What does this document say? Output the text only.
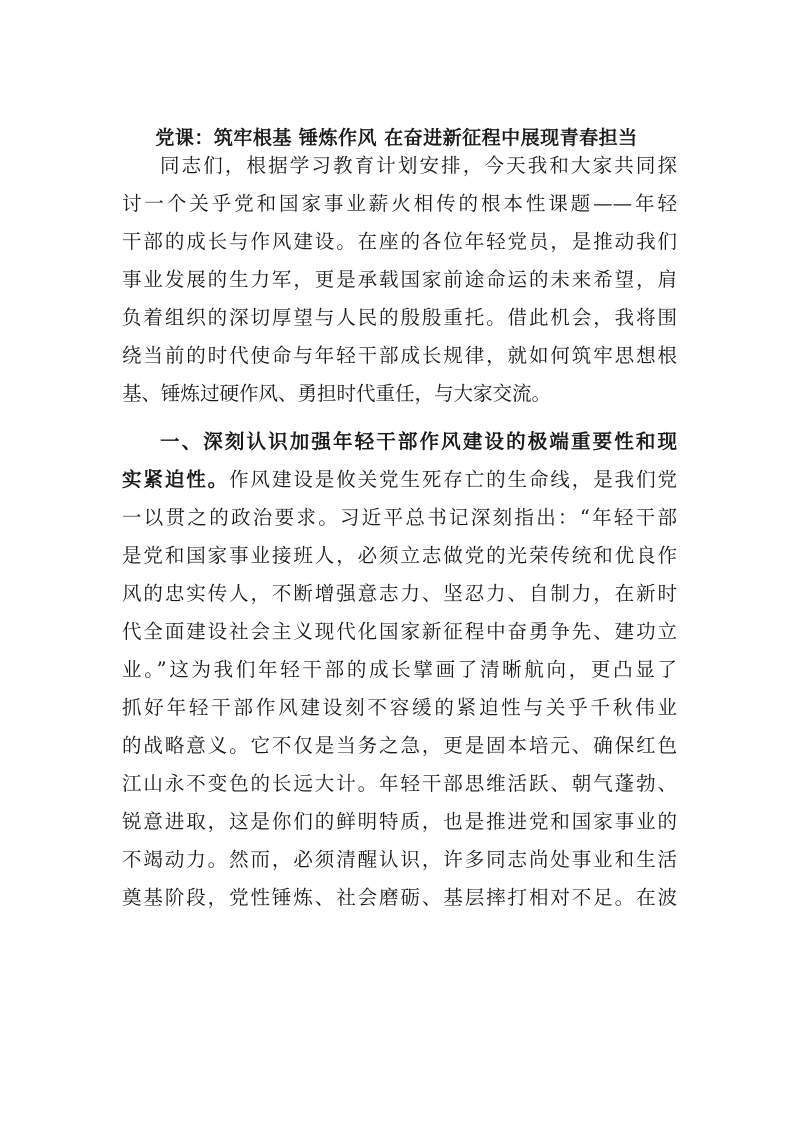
党课：筑牢根基 锤炼作风 在奋进新征程中展现青春担当
同志们，根据学习教育计划安排，今天我和大家共同探
讨一个关乎党和国家事业薪火相传的根本性课题——年轻
干部的成长与作风建设。在座的各位年轻党员，是推动我们
事业发展的生力军，更是承载国家前途命运的未来希望，肩
负着组织的深切厚望与人民的殷殷重托。借此机会，我将围
绕当前的时代使命与年轻干部成长规律，就如何筑牢思想根
基、锤炼过硬作风、勇担时代重任，与大家交流。
一、深刻认识加强年轻干部作风建设的极端重要性和现
实紧迫性。作风建设是攸关党生死存亡的生命线，是我们党
一以贯之的政治要求。习近平总书记深刻指出：“年轻干部
是党和国家事业接班人，必须立志做党的光荣传统和优良作
风的忠实传人，不断增强意志力、坚忍力、自制力，在新时
代全面建设社会主义现代化国家新征程中奋勇争先、建功立
业。”这为我们年轻干部的成长擘画了清晰航向，更凸显了
抓好年轻干部作风建设刻不容缓的紧迫性与关乎千秋伟业
的战略意义。它不仅是当务之急，更是固本培元、确保红色
江山永不变色的长远大计。年轻干部思维活跃、朝气蓬勃、
锐意进取，这是你们的鲜明特质，也是推进党和国家事业的
不竭动力。然而，必须清醒认识，许多同志尚处事业和生活
奠基阶段，党性锤炼、社会磨砺、基层摔打相对不足。在波
